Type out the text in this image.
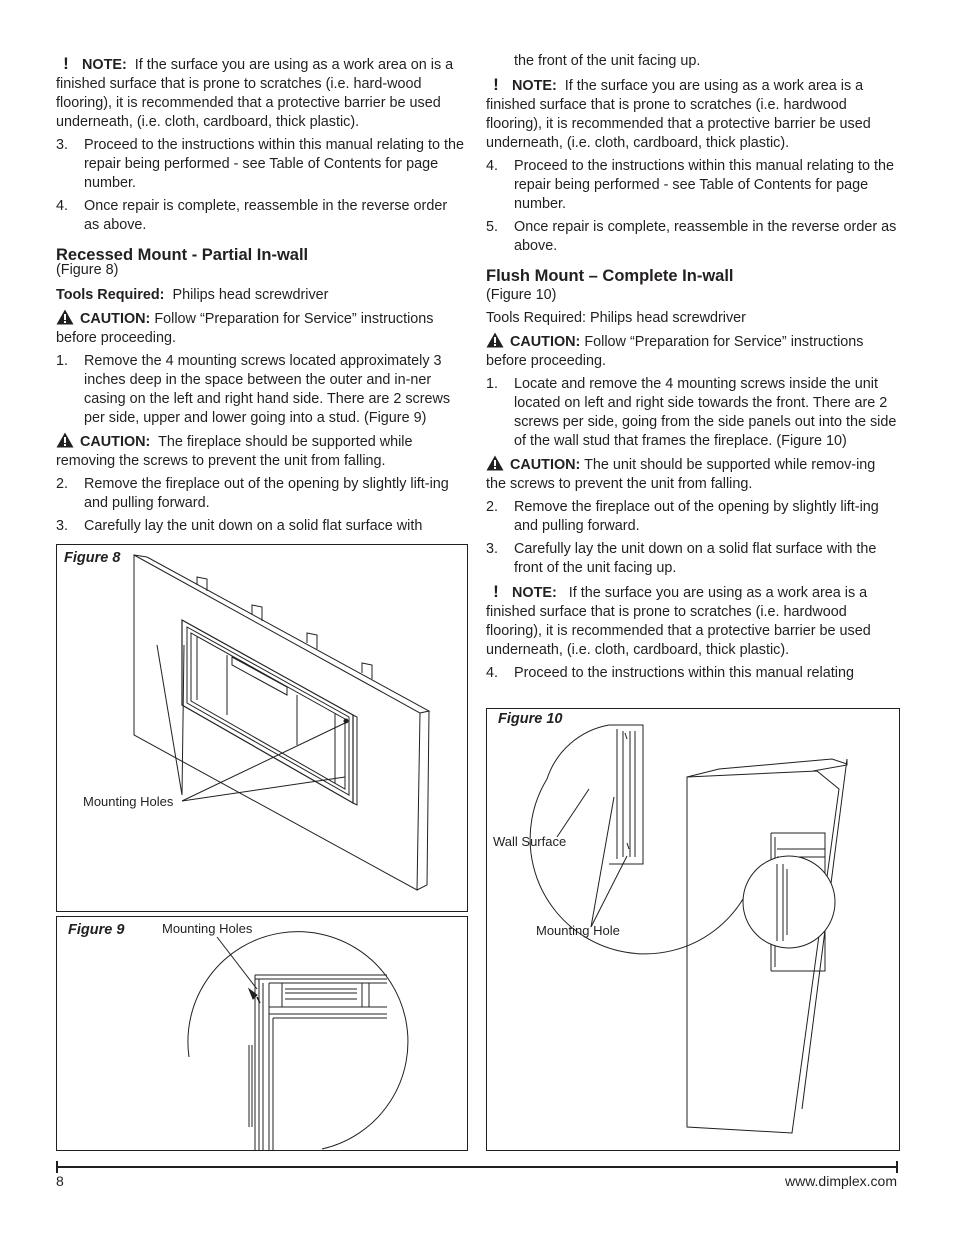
! NOTE: If the surface you are using as a work area on is a finished surface that is prone to scratches (i.e. hard-wood flooring), it is recommended that a protective barrier be used underneath, (i.e. cloth, cardboard, thick plastic).

3.	Proceed to the instructions within this manual relating to the repair being performed - see Table of Contents for page number.
4.	Once repair is complete, reassemble in the reverse order as above.
Recessed Mount - Partial In-wall

(Figure 8)

Tools Required: Philips head screwdriver

CAUTION: Follow “Preparation for Service” instructions before proceeding.

1.	Remove the 4 mounting screws located approximately 3 inches deep in the space between the outer and in-ner casing on the left and right hand side. There are 2 screws per side, upper and lower going into a stud. (Figure 9)

CAUTION: The fireplace should be supported while removing the screws to prevent the unit from falling.

2.	Remove the fireplace out of the opening by slightly lift-ing and pulling forward.
3.	Carefully lay the unit down on a solid flat surface with
the front of the unit facing up.

! NOTE: If the surface you are using as a work area is a finished surface that is prone to scratches (i.e. hardwood flooring), it is recommended that a protective barrier be used underneath, (i.e. cloth, cardboard, thick plastic).

4.	Proceed to the instructions within this manual relating to the repair being performed - see Table of Contents for page number.
5.	Once repair is complete, reassemble in the reverse order as above.
Flush Mount – Complete In-wall

(Figure 10)

Tools Required: Philips head screwdriver

CAUTION: Follow “Preparation for Service” instructions before proceeding.

1.	Locate and remove the 4 mounting screws inside the unit located on left and right side towards the front. There are 2 screws per side, going from the side panels out into the side of the wall stud that frames the fireplace. (Figure 10)

CAUTION: The unit should be supported while remov-ing the screws to prevent the unit from falling.

2.	Remove the fireplace out of the opening by slightly lift-ing and pulling forward.
3.	Carefully lay the unit down on a solid flat surface with the front of the unit facing up.

! NOTE: If the surface you are using as a work area is a finished surface that is prone to scratches (i.e. hardwood flooring), it is recommended that a protective barrier be used underneath, (i.e. cloth, cardboard, thick plastic).

4.	Proceed to the instructions within this manual relating
Figure 8
Mounting Holes
Figure 9	Mounting Holes
Figure 10
Wall Surface
Mounting Hole
8	www.dimplex.com
